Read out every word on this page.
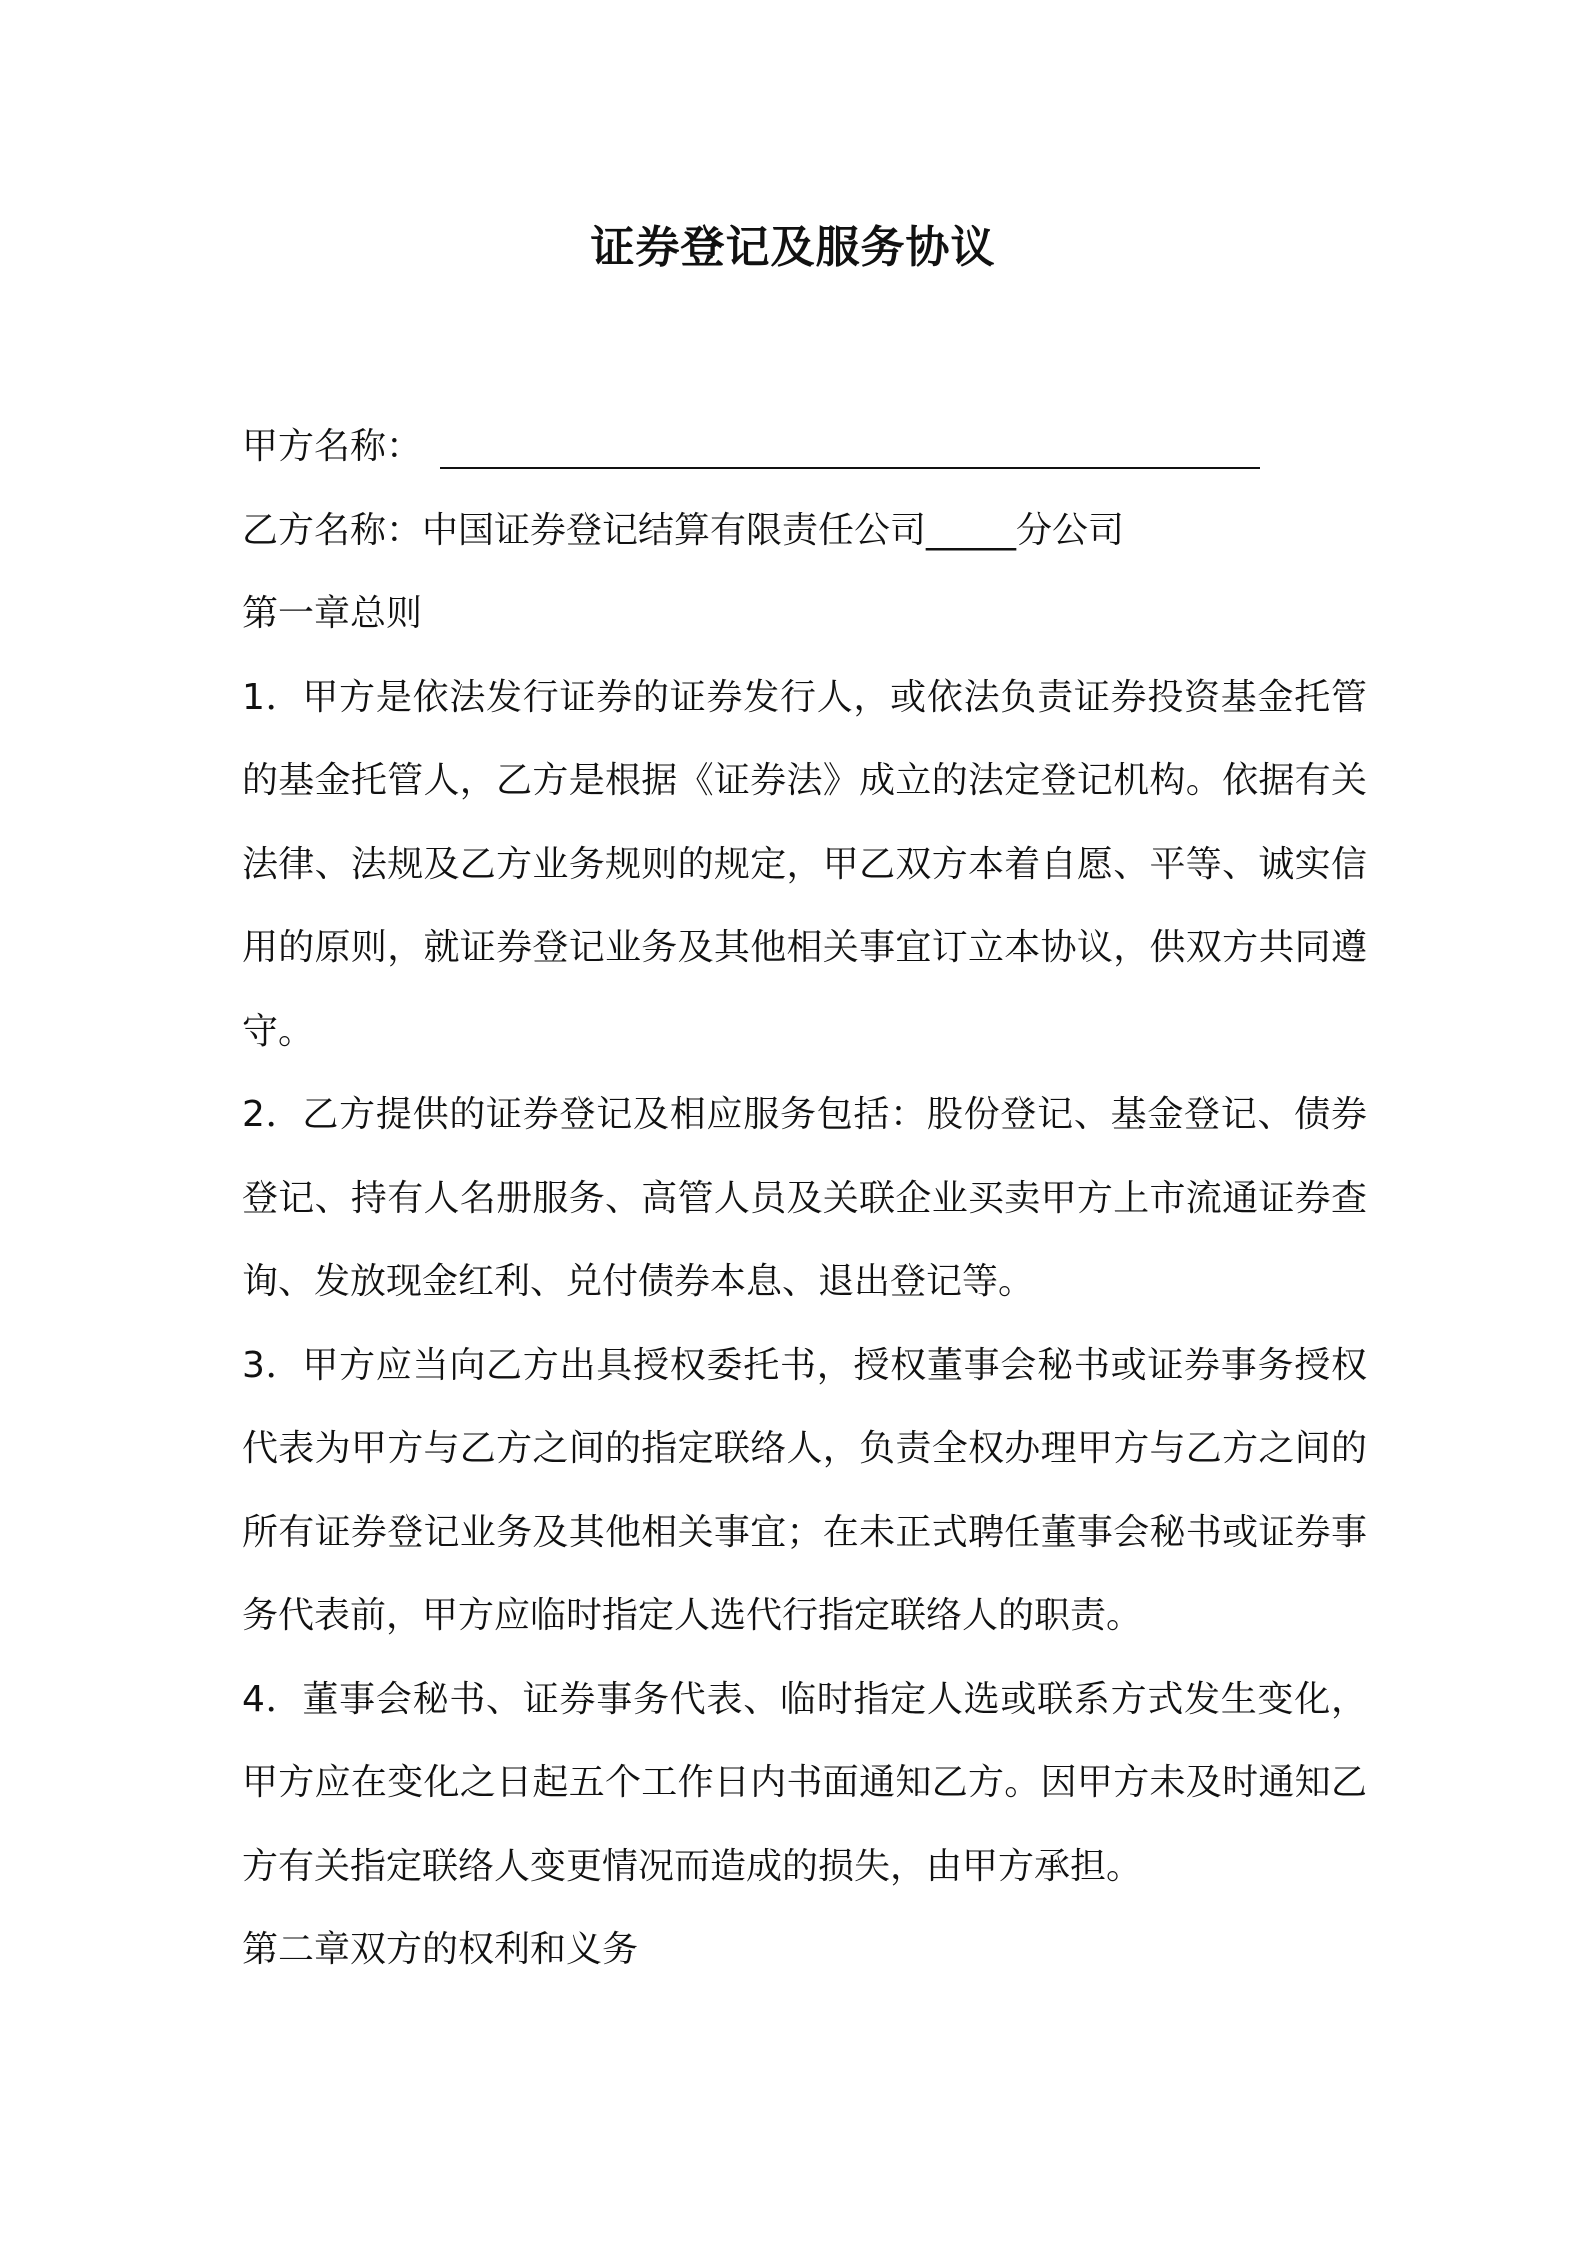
证券登记及服务协议
甲方名称：
乙方名称：中国证券登记结算有限责任公司_____分公司
第一章总则
1．甲方是依法发行证券的证券发行人，或依法负责证券投资基金托管的基金托管人，乙方是根据《证券法》成立的法定登记机构。依据有关法律、法规及乙方业务规则的规定，甲乙双方本着自愿、平等、诚实信用的原则，就证券登记业务及其他相关事宜订立本协议，供双方共同遵守。
2．乙方提供的证券登记及相应服务包括：股份登记、基金登记、债券登记、持有人名册服务、高管人员及关联企业买卖甲方上市流通证券查询、发放现金红利、兑付债券本息、退出登记等。
3．甲方应当向乙方出具授权委托书，授权董事会秘书或证券事务授权代表为甲方与乙方之间的指定联络人，负责全权办理甲方与乙方之间的所有证券登记业务及其他相关事宜；在未正式聘任董事会秘书或证券事务代表前，甲方应临时指定人选代行指定联络人的职责。
4．董事会秘书、证券事务代表、临时指定人选或联系方式发生变化，甲方应在变化之日起五个工作日内书面通知乙方。因甲方未及时通知乙方有关指定联络人变更情况而造成的损失，由甲方承担。
第二章双方的权利和义务
